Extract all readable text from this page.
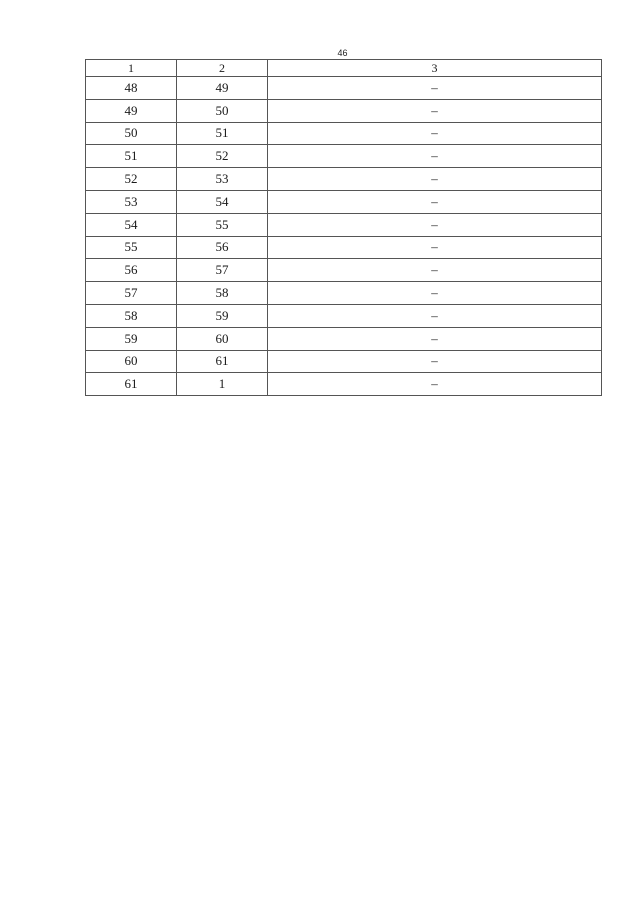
46
1	2	3
48	49	–
49	50	–
50	51	–
51	52	–
52	53	–
53	54	–
54	55	–
55	56	–
56	57	–
57	58	–
58	59	–
59	60	–
60	61	–
61	1	–
